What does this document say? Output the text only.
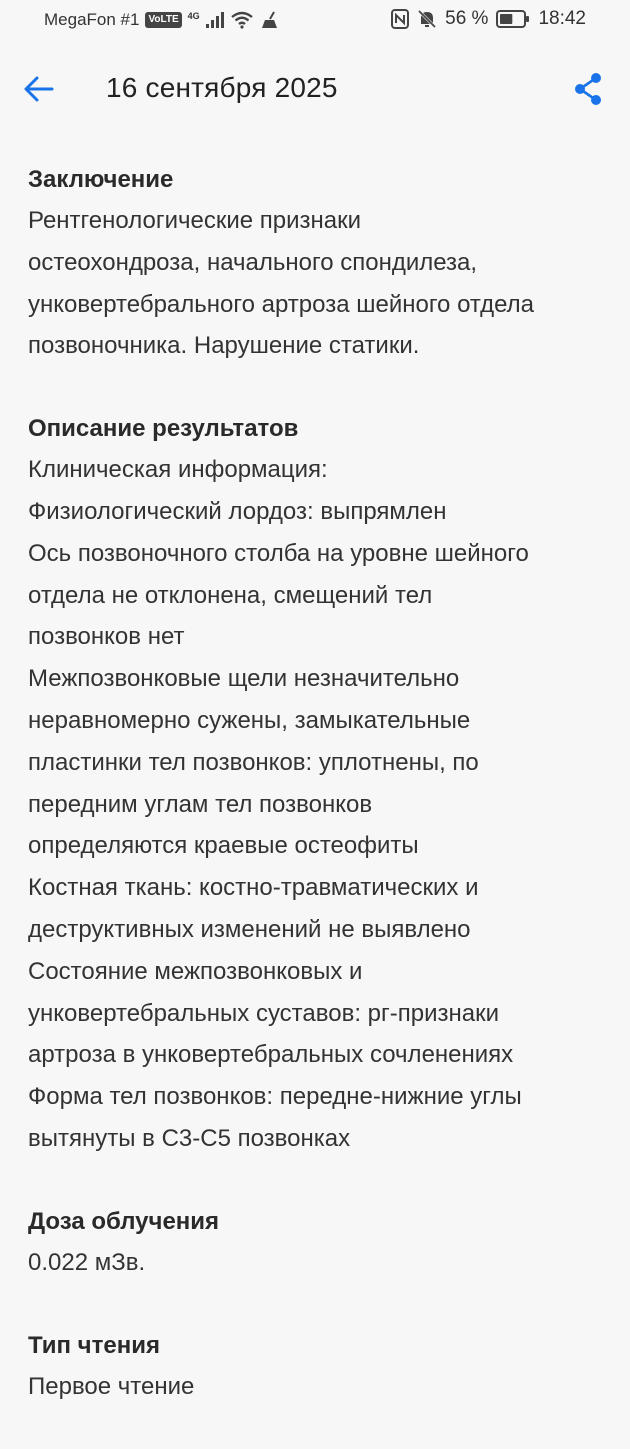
MegaFon #1 VoLTE	4G	56 %	18:42
16 сентября 2025
Заключение
Рентгенологические признаки
остеохондроза, начального спондилеза,
унковертебрального артроза шейного отдела
позвоночника. Нарушение статики.
Описание результатов
Клиническая информация:
Физиологический лордоз: выпрямлен
Ось позвоночного столба на уровне шейного
отдела не отклонена, смещений тел
позвонков нет
Межпозвонковые щели незначительно
неравномерно сужены, замыкательные
пластинки тел позвонков: уплотнены, по
передним углам тел позвонков
определяются краевые остеофиты
Костная ткань: костно-травматических и
деструктивных изменений не выявлено
Состояние межпозвонковых и
унковертебральных суставов: рг-признаки
артроза в унковертебральных сочленениях
Форма тел позвонков: передне-нижние углы
вытянуты в С3-С5 позвонках
Доза облучения
0.022 мЗв.
Тип чтения
Первое чтение
